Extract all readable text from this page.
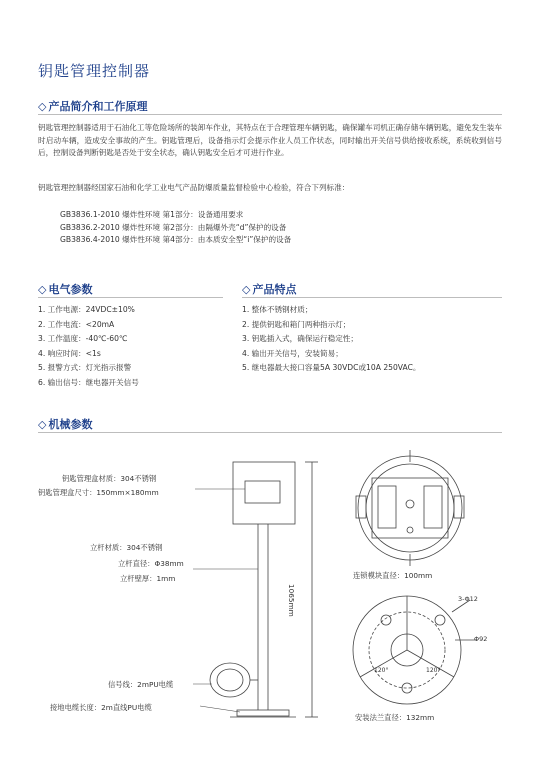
钥匙管理控制器
◇ 产品简介和工作原理
钥匙管理控制器适用于石油化工等危险场所的装卸车作业，其特点在于合理管理车辆钥匙，确保罐车司机正确存储车辆钥匙，避免发生装车时启动车辆，造成安全事故的产生。钥匙管理后，设备指示灯会提示作业人员工作状态，同时输出开关信号供给接收系统，系统收到信号后，控制设备判断钥匙是否处于安全状态，确认钥匙安全后才可进行作业。
钥匙管理控制器经国家石油和化学工业电气产品防爆质量监督检验中心检验，符合下列标准：
GB3836.1-2010 爆炸性环境 第1部分：设备通用要求
GB3836.2-2010 爆炸性环境 第2部分：由隔爆外壳“d”保护的设备
GB3836.4-2010 爆炸性环境 第4部分：由本质安全型“i”保护的设备
◇ 电气参数
1. 工作电源：24VDC±10%
2. 工作电流：<20mA
3. 工作温度：-40℃-60℃
4. 响应时间：<1s
5. 报警方式：灯光指示报警
6. 输出信号：继电器开关信号
◇ 产品特点
1. 整体不锈钢材质；
2. 提供钥匙和箱门两种指示灯；
3. 钥匙插入式，确保运行稳定性；
4. 输出开关信号，安装简易；
5. 继电器最大接口容量5A 30VDC或10A 250VAC。
◇ 机械参数
钥匙管理盒材质：304不锈钢
钥匙管理盒尺寸：150mm×180mm
立杆材质：304不锈钢
立杆直径：Φ38mm
立杆壁厚：1mm
信号线：2mPU电缆
接地电缆长度：2m直线PU电缆
1065mm
连锁模块直径：100mm
安装法兰直径：132mm
3-Φ12
Φ92
120°	120°
